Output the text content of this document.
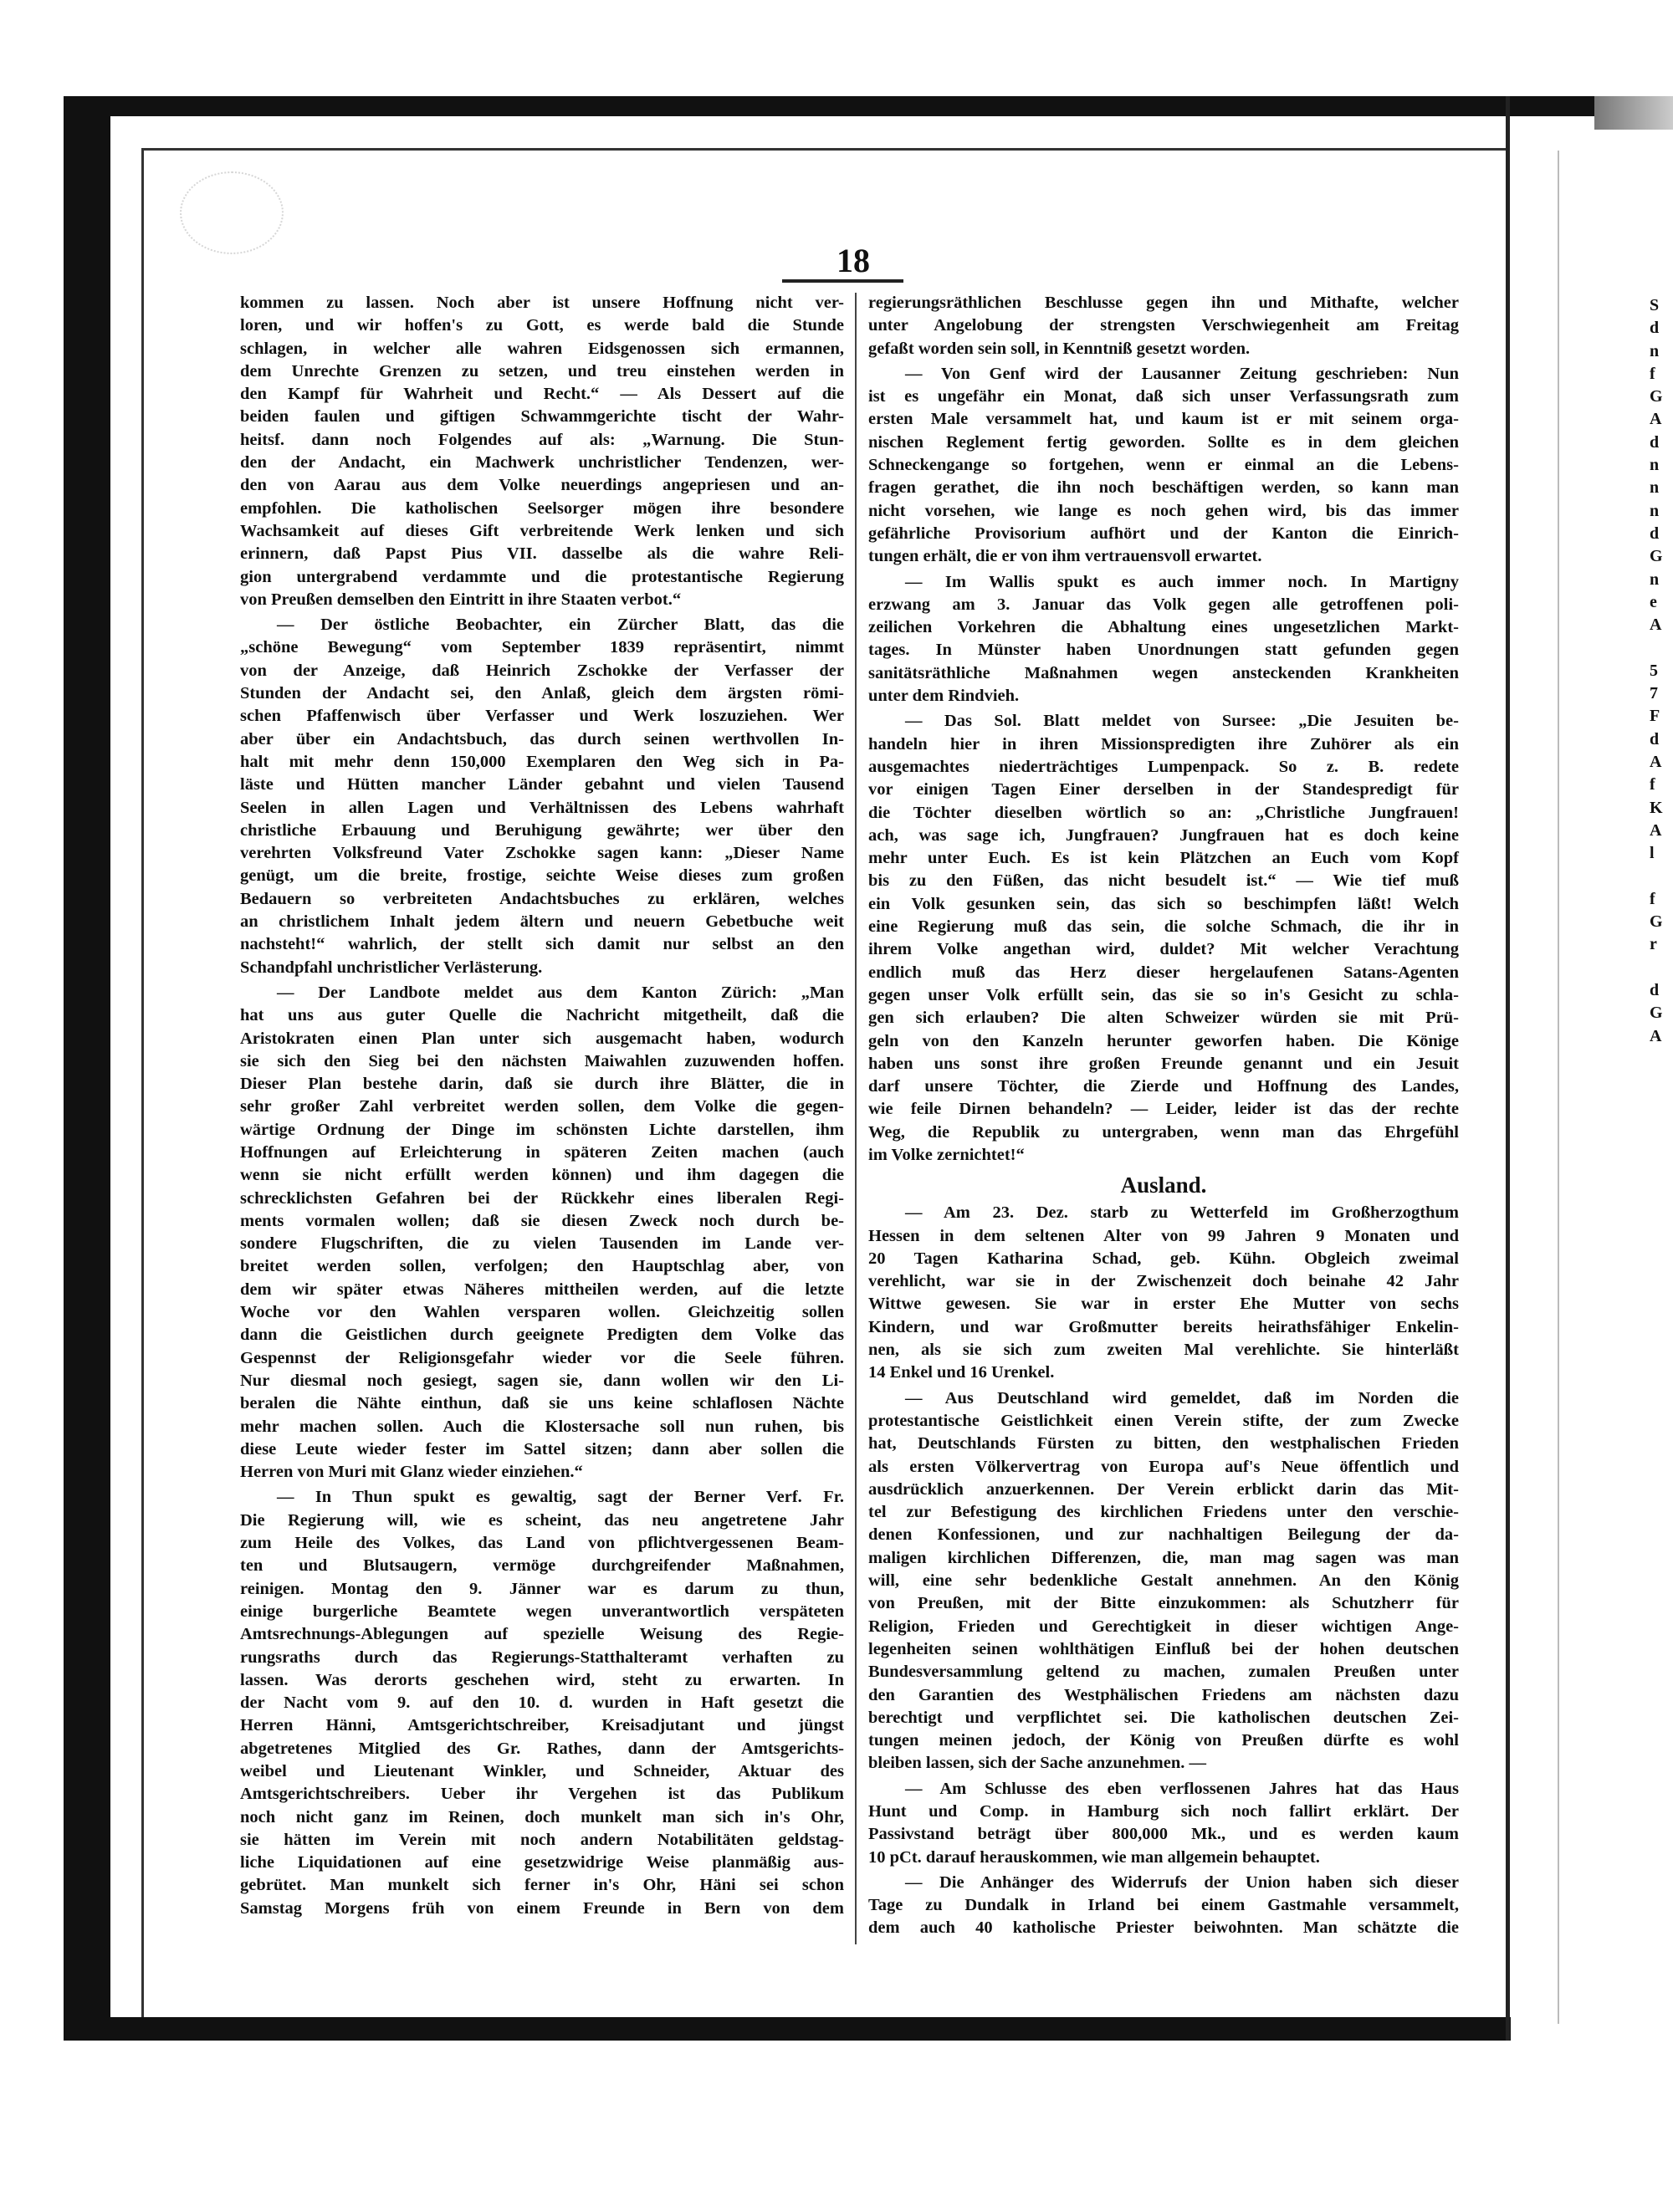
18
kommen zu lassen. Noch aber ist unsere Hoffnung nicht ver-
loren, und wir hoffen's zu Gott, es werde bald die Stunde
schlagen, in welcher alle wahren Eidsgenossen sich ermannen,
dem Unrechte Grenzen zu setzen, und treu einstehen werden in
den Kampf für Wahrheit und Recht.“ — Als Dessert auf die
beiden faulen und giftigen Schwammgerichte tischt der Wahr-
heitsf. dann noch Folgendes auf als: „Warnung. Die Stun-
den der Andacht, ein Machwerk unchristlicher Tendenzen, wer-
den von Aarau aus dem Volke neuerdings angepriesen und an-
empfohlen. Die katholischen Seelsorger mögen ihre besondere
Wachsamkeit auf dieses Gift verbreitende Werk lenken und sich
erinnern, daß Papst Pius VII. dasselbe als die wahre Reli-
gion untergrabend verdammte und die protestantische Regierung
von Preußen demselben den Eintritt in ihre Staaten verbot.“
— Der östliche Beobachter, ein Zürcher Blatt, das die
„schöne Bewegung“ vom September 1839 repräsentirt, nimmt
von der Anzeige, daß Heinrich Zschokke der Verfasser der
Stunden der Andacht sei, den Anlaß, gleich dem ärgsten römi-
schen Pfaffenwisch über Verfasser und Werk loszuziehen. Wer
aber über ein Andachtsbuch, das durch seinen werthvollen In-
halt mit mehr denn 150,000 Exemplaren den Weg sich in Pa-
läste und Hütten mancher Länder gebahnt und vielen Tausend
Seelen in allen Lagen und Verhältnissen des Lebens wahrhaft
christliche Erbauung und Beruhigung gewährte; wer über den
verehrten Volksfreund Vater Zschokke sagen kann: „Dieser Name
genügt, um die breite, frostige, seichte Weise dieses zum großen
Bedauern so verbreiteten Andachtsbuches zu erklären, welches
an christlichem Inhalt jedem ältern und neuern Gebetbuche weit
nachsteht!“ wahrlich, der stellt sich damit nur selbst an den
Schandpfahl unchristlicher Verlästerung.
— Der Landbote meldet aus dem Kanton Zürich: „Man
hat uns aus guter Quelle die Nachricht mitgetheilt, daß die
Aristokraten einen Plan unter sich ausgemacht haben, wodurch
sie sich den Sieg bei den nächsten Maiwahlen zuzuwenden hoffen.
Dieser Plan bestehe darin, daß sie durch ihre Blätter, die in
sehr großer Zahl verbreitet werden sollen, dem Volke die gegen-
wärtige Ordnung der Dinge im schönsten Lichte darstellen, ihm
Hoffnungen auf Erleichterung in späteren Zeiten machen (auch
wenn sie nicht erfüllt werden können) und ihm dagegen die
schrecklichsten Gefahren bei der Rückkehr eines liberalen Regi-
ments vormalen wollen; daß sie diesen Zweck noch durch be-
sondere Flugschriften, die zu vielen Tausenden im Lande ver-
breitet werden sollen, verfolgen; den Hauptschlag aber, von
dem wir später etwas Näheres mittheilen werden, auf die letzte
Woche vor den Wahlen versparen wollen. Gleichzeitig sollen
dann die Geistlichen durch geeignete Predigten dem Volke das
Gespennst der Religionsgefahr wieder vor die Seele führen.
Nur diesmal noch gesiegt, sagen sie, dann wollen wir den Li-
beralen die Nähte einthun, daß sie uns keine schlaflosen Nächte
mehr machen sollen. Auch die Klostersache soll nun ruhen, bis
diese Leute wieder fester im Sattel sitzen; dann aber sollen die
Herren von Muri mit Glanz wieder einziehen.“
— In Thun spukt es gewaltig, sagt der Berner Verf. Fr.
Die Regierung will, wie es scheint, das neu angetretene Jahr
zum Heile des Volkes, das Land von pflichtvergessenen Beam-
ten und Blutsaugern, vermöge durchgreifender Maßnahmen,
reinigen. Montag den 9. Jänner war es darum zu thun,
einige burgerliche Beamtete wegen unverantwortlich verspäteten
Amtsrechnungs-Ablegungen auf spezielle Weisung des Regie-
rungsraths durch das Regierungs-Statthalteramt verhaften zu
lassen. Was derorts geschehen wird, steht zu erwarten. In
der Nacht vom 9. auf den 10. d. wurden in Haft gesetzt die
Herren Hänni, Amtsgerichtschreiber, Kreisadjutant und jüngst
abgetretenes Mitglied des Gr. Rathes, dann der Amtsgerichts-
weibel und Lieutenant Winkler, und Schneider, Aktuar des
Amtsgerichtschreibers. Ueber ihr Vergehen ist das Publikum
noch nicht ganz im Reinen, doch munkelt man sich in's Ohr,
sie hätten im Verein mit noch andern Notabilitäten geldstag-
liche Liquidationen auf eine gesetzwidrige Weise planmäßig aus-
gebrütet. Man munkelt sich ferner in's Ohr, Häni sei schon
Samstag Morgens früh von einem Freunde in Bern von dem
regierungsräthlichen Beschlusse gegen ihn und Mithafte, welcher
unter Angelobung der strengsten Verschwiegenheit am Freitag
gefaßt worden sein soll, in Kenntniß gesetzt worden.
— Von Genf wird der Lausanner Zeitung geschrieben: Nun
ist es ungefähr ein Monat, daß sich unser Verfassungsrath zum
ersten Male versammelt hat, und kaum ist er mit seinem orga-
nischen Reglement fertig geworden. Sollte es in dem gleichen
Schneckengange so fortgehen, wenn er einmal an die Lebens-
fragen gerathet, die ihn noch beschäftigen werden, so kann man
nicht vorsehen, wie lange es noch gehen wird, bis das immer
gefährliche Provisorium aufhört und der Kanton die Einrich-
tungen erhält, die er von ihm vertrauensvoll erwartet.
— Im Wallis spukt es auch immer noch. In Martigny
erzwang am 3. Januar das Volk gegen alle getroffenen poli-
zeilichen Vorkehren die Abhaltung eines ungesetzlichen Markt-
tages. In Münster haben Unordnungen statt gefunden gegen
sanitätsräthliche Maßnahmen wegen ansteckenden Krankheiten
unter dem Rindvieh.
— Das Sol. Blatt meldet von Sursee: „Die Jesuiten be-
handeln hier in ihren Missionspredigten ihre Zuhörer als ein
ausgemachtes niederträchtiges Lumpenpack. So z. B. redete
vor einigen Tagen Einer derselben in der Standespredigt für
die Töchter dieselben wörtlich so an: „Christliche Jungfrauen!
ach, was sage ich, Jungfrauen? Jungfrauen hat es doch keine
mehr unter Euch. Es ist kein Plätzchen an Euch vom Kopf
bis zu den Füßen, das nicht besudelt ist.“ — Wie tief muß
ein Volk gesunken sein, das sich so beschimpfen läßt! Welch
eine Regierung muß das sein, die solche Schmach, die ihr in
ihrem Volke angethan wird, duldet? Mit welcher Verachtung
endlich muß das Herz dieser hergelaufenen Satans-Agenten
gegen unser Volk erfüllt sein, das sie so in's Gesicht zu schla-
gen sich erlauben? Die alten Schweizer würden sie mit Prü-
geln von den Kanzeln herunter geworfen haben. Die Könige
haben uns sonst ihre großen Freunde genannt und ein Jesuit
darf unsere Töchter, die Zierde und Hoffnung des Landes,
wie feile Dirnen behandeln? — Leider, leider ist das der rechte
Weg, die Republik zu untergraben, wenn man das Ehrgefühl
im Volke zernichtet!“
Ausland.
— Am 23. Dez. starb zu Wetterfeld im Großherzogthum
Hessen in dem seltenen Alter von 99 Jahren 9 Monaten und
20 Tagen Katharina Schad, geb. Kühn. Obgleich zweimal
verehlicht, war sie in der Zwischenzeit doch beinahe 42 Jahr
Wittwe gewesen. Sie war in erster Ehe Mutter von sechs
Kindern, und war Großmutter bereits heirathsfähiger Enkelin-
nen, als sie sich zum zweiten Mal verehlichte. Sie hinterläßt
14 Enkel und 16 Urenkel.
— Aus Deutschland wird gemeldet, daß im Norden die
protestantische Geistlichkeit einen Verein stifte, der zum Zwecke
hat, Deutschlands Fürsten zu bitten, den westphalischen Frieden
als ersten Völkervertrag von Europa auf's Neue öffentlich und
ausdrücklich anzuerkennen. Der Verein erblickt darin das Mit-
tel zur Befestigung des kirchlichen Friedens unter den verschie-
denen Konfessionen, und zur nachhaltigen Beilegung der da-
maligen kirchlichen Differenzen, die, man mag sagen was man
will, eine sehr bedenkliche Gestalt annehmen. An den König
von Preußen, mit der Bitte einzukommen: als Schutzherr für
Religion, Frieden und Gerechtigkeit in dieser wichtigen Ange-
legenheiten seinen wohlthätigen Einfluß bei der hohen deutschen
Bundesversammlung geltend zu machen, zumalen Preußen unter
den Garantien des Westphälischen Friedens am nächsten dazu
berechtigt und verpflichtet sei. Die katholischen deutschen Zei-
tungen meinen jedoch, der König von Preußen dürfte es wohl
bleiben lassen, sich der Sache anzunehmen. —
— Am Schlusse des eben verflossenen Jahres hat das Haus
Hunt und Comp. in Hamburg sich noch fallirt erklärt. Der
Passivstand beträgt über 800,000 Mk., und es werden kaum
10 pCt. darauf herauskommen, wie man allgemein behauptet.
— Die Anhänger des Widerrufs der Union haben sich dieser
Tage zu Dundalk in Irland bei einem Gastmahle versammelt,
dem auch 40 katholische Priester beiwohnten. Man schätzte die
S
d
n
f
G
A
d
n
n
n
d
G
n
e
A
5
7
F
d
A
f
K
A
l
f
G
r
d
G
A
